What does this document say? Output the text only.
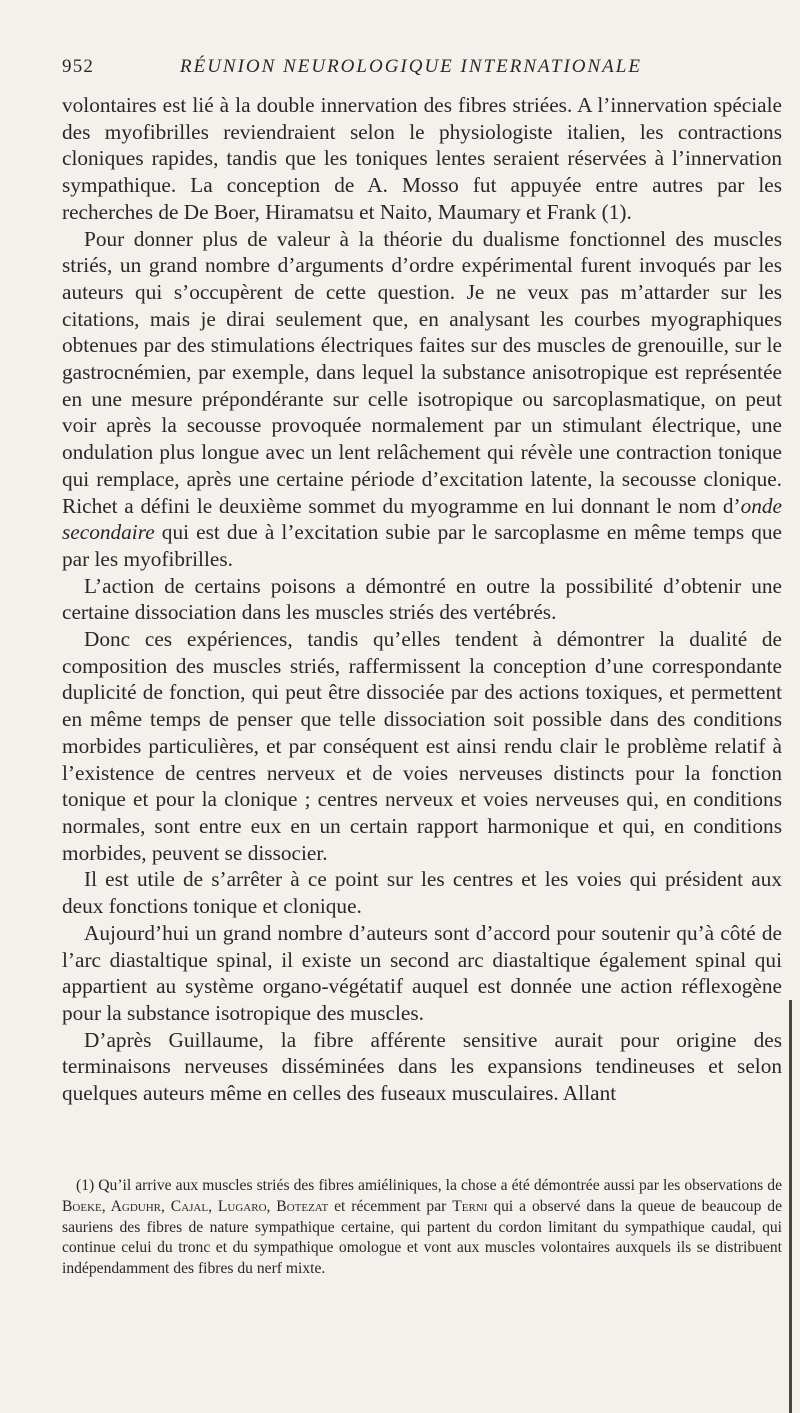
952	RÉUNION NEUROLOGIQUE INTERNATIONALE

volontaires est lié à la double innervation des fibres striées. A l’innervation spéciale des myofibrilles reviendraient selon le physiologiste italien, les contractions cloniques rapides, tandis que les toniques lentes seraient réservées à l’innervation sympathique. La conception de A. Mosso fut appuyée entre autres par les recherches de De Boer, Hiramatsu et Naito, Maumary et Frank (1).

Pour donner plus de valeur à la théorie du dualisme fonctionnel des muscles striés, un grand nombre d’arguments d’ordre expérimental furent invoqués par les auteurs qui s’occupèrent de cette question. Je ne veux pas m’attarder sur les citations, mais je dirai seulement que, en analysant les courbes myographiques obtenues par des stimulations électriques faites sur des muscles de grenouille, sur le gastrocnémien, par exemple, dans lequel la substance anisotropique est représentée en une mesure prépondérante sur celle isotropique ou sarcoplasmatique, on peut voir après la secousse provoquée normalement par un stimulant électrique, une ondulation plus longue avec un lent relâchement qui révèle une contraction tonique qui remplace, après une certaine période d’excitation latente, la secousse clonique. Richet a défini le deuxième sommet du myogramme en lui donnant le nom d’onde secondaire qui est due à l’excitation subie par le sarcoplasme en même temps que par les myofibrilles.

L’action de certains poisons a démontré en outre la possibilité d’obtenir une certaine dissociation dans les muscles striés des vertébrés.

Donc ces expériences, tandis qu’elles tendent à démontrer la dualité de composition des muscles striés, raffermissent la conception d’une correspondante duplicité de fonction, qui peut être dissociée par des actions toxiques, et permettent en même temps de penser que telle dissociation soit possible dans des conditions morbides particulières, et par conséquent est ainsi rendu clair le problème relatif à l’existence de centres nerveux et de voies nerveuses distincts pour la fonction tonique et pour la clonique ; centres nerveux et voies nerveuses qui, en conditions normales, sont entre eux en un certain rapport harmonique et qui, en conditions morbides, peuvent se dissocier.

Il est utile de s’arrêter à ce point sur les centres et les voies qui président aux deux fonctions tonique et clonique.

Aujourd’hui un grand nombre d’auteurs sont d’accord pour soutenir qu’à côté de l’arc diastaltique spinal, il existe un second arc diastaltique également spinal qui appartient au système organo-végétatif auquel est donnée une action réflexogène pour la substance isotropique des muscles.

D’après Guillaume, la fibre afférente sensitive aurait pour origine des terminaisons nerveuses disséminées dans les expansions tendineuses et selon quelques auteurs même en celles des fuseaux musculaires. Allant

(1) Qu’il arrive aux muscles striés des fibres amiéliniques, la chose a été démontrée aussi par les observations de Boeke, Agduhr, Cajal, Lugaro, Botezat et récemment par Terni qui a observé dans la queue de beaucoup de sauriens des fibres de nature sympathique certaine, qui partent du cordon limitant du sympathique caudal, qui continue celui du tronc et du sympathique omologue et vont aux muscles volontaires auxquels ils se distribuent indépendamment des fibres du nerf mixte.
